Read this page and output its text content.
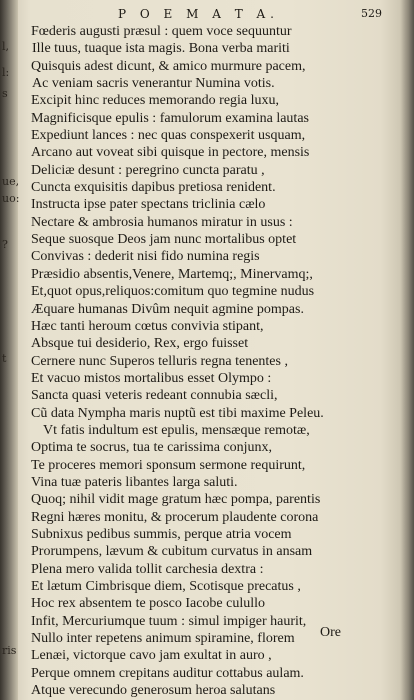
l,
l:
s
ue,
uo:
?
t
ris
P O E M A T A.	529
Fœderis augusti præsul : quem voce sequuntur
Ille tuus, tuaque ista magis. Bona verba mariti
Quisquis adest dicunt, & amico murmure pacem,
Ac veniam sacris venerantur Numina votis.
Excipit hinc reduces memorando regia luxu,
Magnificisque epulis : famulorum examina lautas
Expediunt lances : nec quas conspexerit usquam,
Arcano aut voveat sibi quisque in pectore, mensis
Deliciæ desunt : peregrino cuncta paratu ,
Cuncta exquisitis dapibus pretiosa renident.
Instructa ipse pater spectans triclinia cælo
Nectare & ambrosia humanos miratur in usus :
Seque suosque Deos jam nunc mortalibus optet
Convivas : dederit nisi fido numina regis
Præsidio absentis,Venere, Martemq;, Minervamq;,
Et,quot opus,reliquos:comitum quo tegmine nudus
Æquare humanas Divûm nequit agmine pompas.
Hæc tanti heroum cœtus convivia stipant,
Absque tui desiderio, Rex, ergo fuisset
Cernere nunc Superos telluris regna tenentes ,
Et vacuo mistos mortalibus esset Olympo :
Sancta quasi veteris redeant connubia sæcli,
Cũ data Nympha maris nuptũ est tibi maxime Peleu.
Vt fatis indultum est epulis, mensæque remotæ,
Optima te socrus, tua te carissima conjunx,
Te proceres memori sponsum sermone requirunt,
Vina tuæ pateris libantes larga saluti.
Quoq; nihil vidit mage gratum hæc pompa, parentis
Regni hæres monitu, & procerum plaudente corona
Subnixus pedibus summis, perque atria vocem
Prorumpens, lævum & cubitum curvatus in ansam
Plena mero valida tollit carchesia dextra :
Et lætum Cimbrisque diem, Scotisque precatus ,
Hoc rex absentem te posco Iacobe culullo
Infit, Mercuriumque tuum : simul impiger haurit,
Nullo inter repetens animum spiramine, florem
Lenæi, victorque cavo jam exultat in auro ,
Perque omnem crepitans auditur cottabus aulam.
Atque verecundo generosum heroa salutans
Ore
